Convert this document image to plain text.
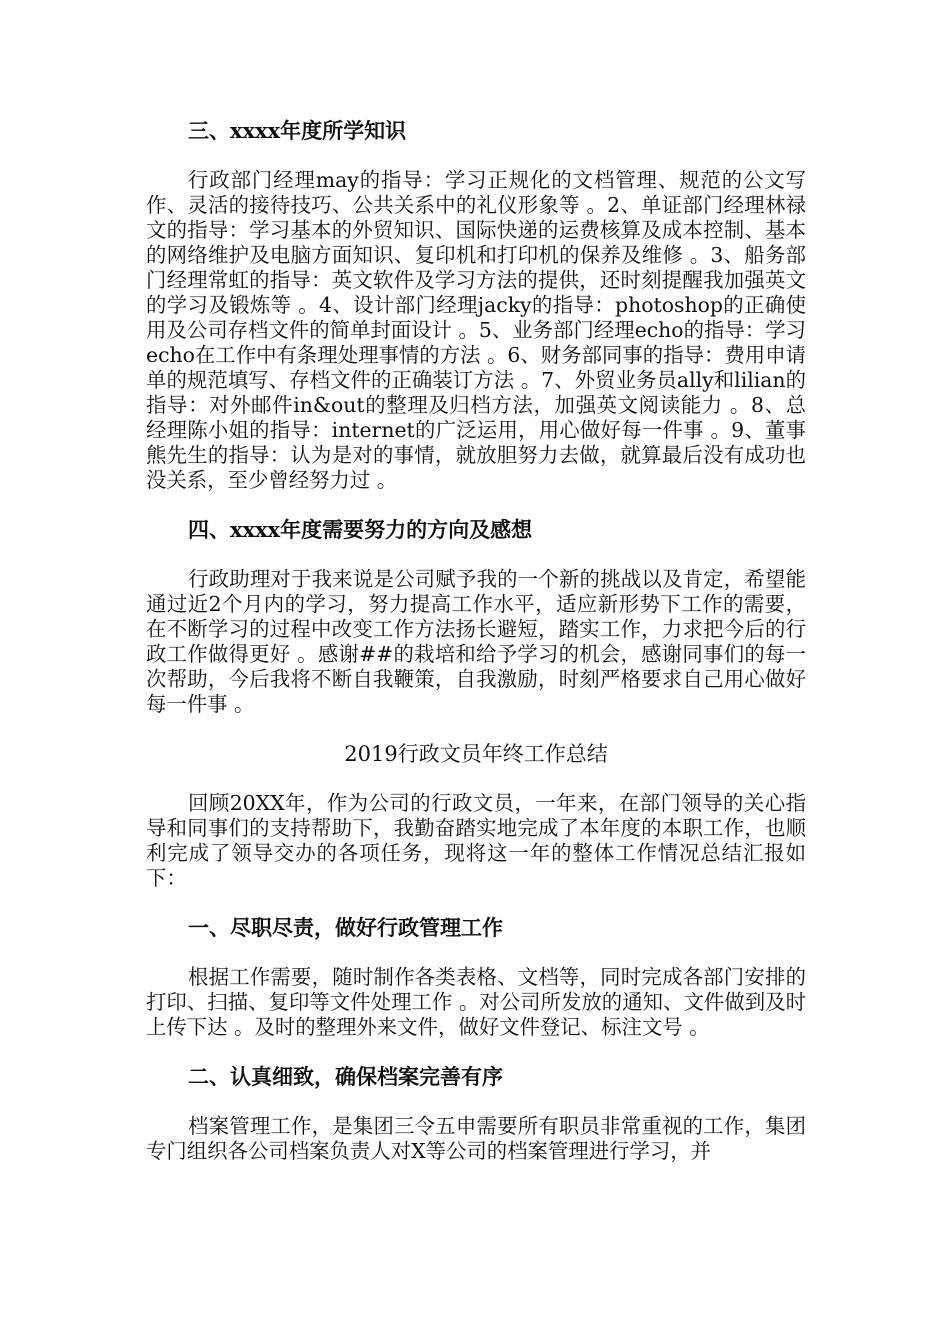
三、xxxx年度所学知识

行政部门经理may的指导：学习正规化的文档管理、规范的公文写作、灵活的接待技巧、公共关系中的礼仪形象等 。2、单证部门经理林禄文的指导：学习基本的外贸知识、国际快递的运费核算及成本控制、基本的网络维护及电脑方面知识、复印机和打印机的保养及维修 。3、船务部门经理常虹的指导：英文软件及学习方法的提供，还时刻提醒我加强英文的学习及锻炼等 。4、设计部门经理jacky的指导：photoshop的正确使用及公司存档文件的简单封面设计 。5、业务部门经理echo的指导：学习echo在工作中有条理处理事情的方法 。6、财务部同事的指导：费用申请单的规范填写、存档文件的正确装订方法 。7、外贸业务员ally和lilian的指导：对外邮件in&out的整理及归档方法，加强英文阅读能力 。8、总经理陈小姐的指导：internet的广泛运用，用心做好每一件事 。9、董事熊先生的指导：认为是对的事情，就放胆努力去做，就算最后没有成功也没关系，至少曾经努力过 。

四、xxxx年度需要努力的方向及感想

行政助理对于我来说是公司赋予我的一个新的挑战以及肯定，希望能通过近2个月内的学习，努力提高工作水平，适应新形势下工作的需要，在不断学习的过程中改变工作方法扬长避短，踏实工作，力求把今后的行政工作做得更好 。感谢##的栽培和给予学习的机会，感谢同事们的每一次帮助，今后我将不断自我鞭策，自我激励，时刻严格要求自己用心做好每一件事 。

2019行政文员年终工作总结

回顾20XX年，作为公司的行政文员，一年来，在部门领导的关心指导和同事们的支持帮助下，我勤奋踏实地完成了本年度的本职工作，也顺利完成了领导交办的各项任务，现将这一年的整体工作情况总结汇报如下：

一、尽职尽责，做好行政管理工作

根据工作需要，随时制作各类表格、文档等，同时完成各部门安排的打印、扫描、复印等文件处理工作 。对公司所发放的通知、文件做到及时上传下达 。及时的整理外来文件，做好文件登记、标注文号 。

二、认真细致，确保档案完善有序

档案管理工作，是集团三令五申需要所有职员非常重视的工作，集团专门组织各公司档案负责人对X等公司的档案管理进行学习，并
